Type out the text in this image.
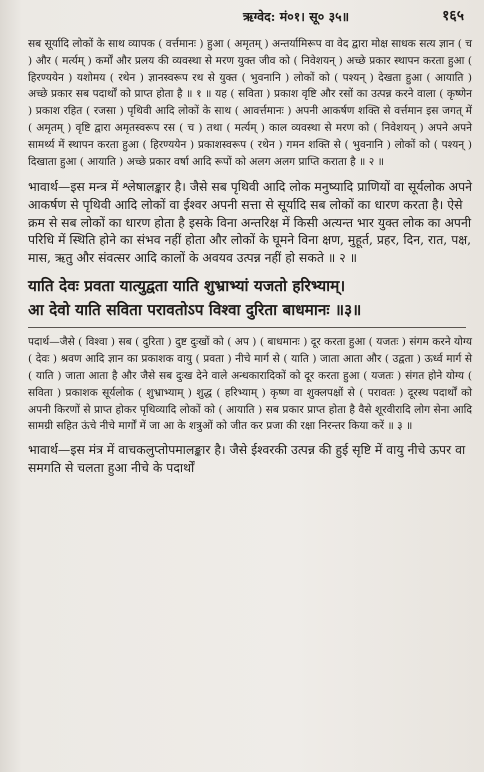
ऋग्वेद: मं०१। सू० ३५॥	१६५

सब सूर्यादि लोकों के साथ व्यापक ( वर्त्तमानः ) हुआ ( अमृतम् ) अन्तर्यामिरूप वा वेद द्वारा मोक्ष साधक सत्य ज्ञान ( च ) और ( मर्त्यम् ) कर्मों और प्रलय की व्यवस्था से मरण युक्त जीव को ( निवेशयन् ) अच्छे प्रकार स्थापन करता हुआ ( हिरण्ययेन ) यशोमय ( रथेन ) ज्ञानस्वरूप रथ से युक्त ( भुवनानि ) लोकों को ( पश्यन् ) देखता हुआ ( आयाति ) अच्छे प्रकार सब पदार्थों को प्राप्त होता है ॥ १ ॥ यह ( सविता ) प्रकाश वृष्टि और रसों का उत्पन्न करने वाला ( कृष्णेन ) प्रकाश रहित ( रजसा ) पृथिवी आदि लोकों के साथ ( आवर्त्तमानः ) अपनी आकर्षण शक्ति से वर्त्तमान इस जगत् में ( अमृतम् ) वृष्टि द्वारा अमृतस्वरूप रस ( च ) तथा ( मर्त्यम् ) काल व्यवस्था से मरण को ( निवेशयन् ) अपने अपने सामर्थ्य में स्थापन करता हुआ ( हिरण्ययेन ) प्रकाशस्वरूप ( रथेन ) गमन शक्ति से ( भुवनानि ) लोकों को ( पश्यन् ) दिखाता हुआ ( आयाति ) अच्छे प्रकार वर्षा आदि रूपों को अलग अलग प्राप्ति कराता है ॥ २ ॥

भावार्थ—इस मन्त्र में श्लेषालङ्कार है। जैसे सब पृथिवी आदि लोक मनुष्यादि प्राणियों वा सूर्यलोक अपने आकर्षण से पृथिवी आदि लोकों वा ईश्वर अपनी सत्ता से सूर्यादि सब लोकों का धारण करता है। ऐसे क्रम से सब लोकों का धारण होता है इसके विना अन्तरिक्ष में किसी अत्यन्त भार युक्त लोक का अपनी परिधि में स्थिति होने का संभव नहीं होता और लोकों के घूमने विना क्षण, मुहूर्त, प्रहर, दिन, रात, पक्ष, मास, ऋतु और संवत्सर आदि कालों के अवयव उत्पन्न नहीं हो सकते ॥ २ ॥

याति देवः प्रवता यात्युद्वता याति शुभ्राभ्यां यजतो हरिभ्याम्।
आ देवो याति सविता परावतोऽप विश्वा दुरिता बाधमानः ॥३॥

पदार्थ—जैसे ( विश्वा ) सब ( दुरिता ) दुष्ट दुःखों को ( अप ) ( बाधमानः ) दूर करता हुआ ( यजतः ) संगम करने योग्य ( देवः ) श्रवण आदि ज्ञान का प्रकाशक वायु ( प्रवता ) नीचे मार्ग से ( याति ) जाता आता और ( उद्वता ) ऊर्ध्व मार्ग से ( याति ) जाता आता है और जैसे सब दुःख देने वाले अन्धकारादिकों को दूर करता हुआ ( यजतः ) संगत होने योग्य ( सविता ) प्रकाशक सूर्यलोक ( शुभ्राभ्याम् ) शुद्ध ( हरिभ्याम् ) कृष्ण वा शुक्लपक्षों से ( परावतः ) दूरस्थ पदार्थों को अपनी किरणों से प्राप्त होकर पृथिव्यादि लोकों को ( आयाति ) सब प्रकार प्राप्त होता है वैसे शूरवीरादि लोग सेना आदि सामग्री सहित ऊंचे नीचे मार्गों में जा आ के शत्रुओं को जीत कर प्रजा की रक्षा निरन्तर किया करें ॥ ३ ॥

भावार्थ—इस मंत्र में वाचकलुप्तोपमालङ्कार है। जैसे ईश्वरकी उत्पन्न की हुई सृष्टि में वायु नीचे ऊपर वा समगति से चलता हुआ नीचे के पदार्थों
